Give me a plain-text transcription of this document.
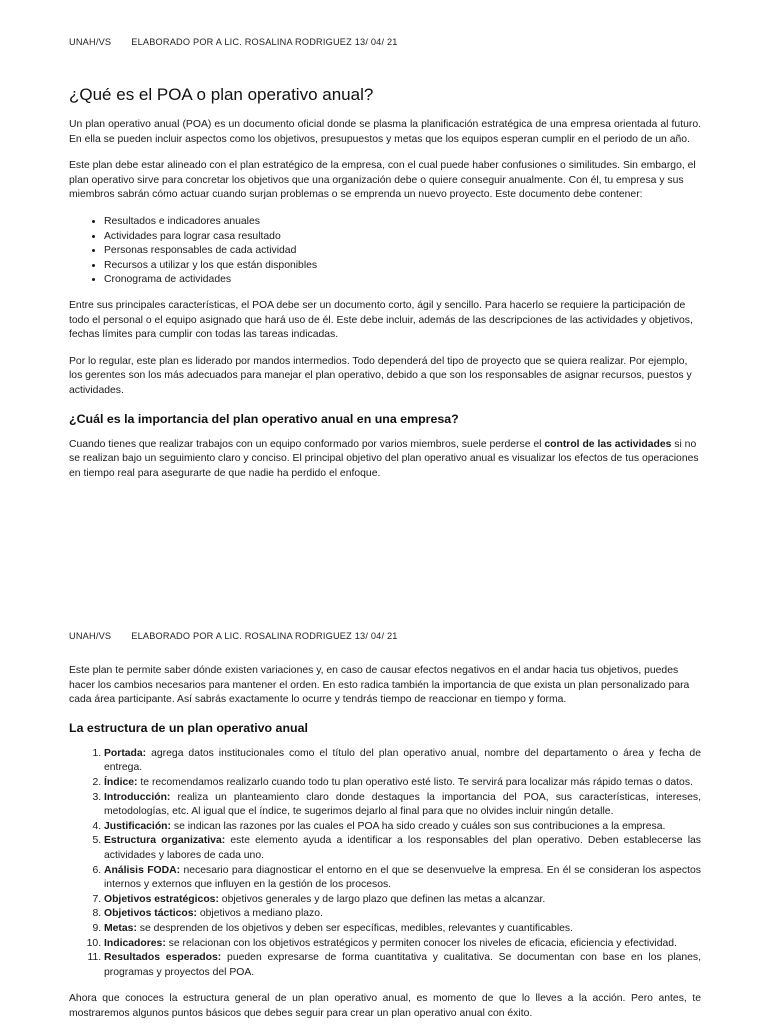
UNAH/VS ELABORADO POR A LIC. ROSALINA RODRIGUEZ 13/ 04/ 21
¿Qué es el POA o plan operativo anual?

Un plan operativo anual (POA) es un documento oficial donde se plasma la planificación estratégica de una empresa orientada al futuro. En ella se pueden incluir aspectos como los objetivos, presupuestos y metas que los equipos esperan cumplir en el periodo de un año.

Este plan debe estar alineado con el plan estratégico de la empresa, con el cual puede haber confusiones o similitudes. Sin embargo, el plan operativo sirve para concretar los objetivos que una organización debe o quiere conseguir anualmente. Con él, tu empresa y sus miembros sabrán cómo actuar cuando surjan problemas o se emprenda un nuevo proyecto. Este documento debe contener:

• Resultados e indicadores anuales
• Actividades para lograr casa resultado
• Personas responsables de cada actividad
• Recursos a utilizar y los que están disponibles
• Cronograma de actividades

Entre sus principales características, el POA debe ser un documento corto, ágil y sencillo. Para hacerlo se requiere la participación de todo el personal o el equipo asignado que hará uso de él. Este debe incluir, además de las descripciones de las actividades y objetivos, fechas límites para cumplir con todas las tareas indicadas.

Por lo regular, este plan es liderado por mandos intermedios. Todo dependerá del tipo de proyecto que se quiera realizar. Por ejemplo, los gerentes son los más adecuados para manejar el plan operativo, debido a que son los responsables de asignar recursos, puestos y actividades.

¿Cuál es la importancia del plan operativo anual en una empresa?

Cuando tienes que realizar trabajos con un equipo conformado por varios miembros, suele perderse el control de las actividades si no se realizan bajo un seguimiento claro y conciso. El principal objetivo del plan operativo anual es visualizar los efectos de tus operaciones en tiempo real para asegurarte de que nadie ha perdido el enfoque.

UNAH/VS ELABORADO POR A LIC. ROSALINA RODRIGUEZ 13/ 04/ 21

Este plan te permite saber dónde existen variaciones y, en caso de causar efectos negativos en el andar hacia tus objetivos, puedes hacer los cambios necesarios para mantener el orden. En esto radica también la importancia de que exista un plan personalizado para cada área participante. Así sabrás exactamente lo ocurre y tendrás tiempo de reaccionar en tiempo y forma.

La estructura de un plan operativo anual
1. Portada: agrega datos institucionales como el título del plan operativo anual, nombre del departamento o área y fecha de entrega.
2. Índice: te recomendamos realizarlo cuando todo tu plan operativo esté listo. Te servirá para localizar más rápido temas o datos.
3. Introducción: realiza un planteamiento claro donde destaques la importancia del POA, sus características, intereses, metodologías, etc. Al igual que el índice, te sugerimos dejarlo al final para que no olvides incluir ningún detalle.
4. Justificación: se indican las razones por las cuales el POA ha sido creado y cuáles son sus contribuciones a la empresa.
5. Estructura organizativa: este elemento ayuda a identificar a los responsables del plan operativo. Deben establecerse las actividades y labores de cada uno.
6. Análisis FODA: necesario para diagnosticar el entorno en el que se desenvuelve la empresa. En él se consideran los aspectos internos y externos que influyen en la gestión de los procesos.
7. Objetivos estratégicos: objetivos generales y de largo plazo que definen las metas a alcanzar.
8. Objetivos tácticos: objetivos a mediano plazo.
9. Metas: se desprenden de los objetivos y deben ser específicas, medibles, relevantes y cuantificables.
10. Indicadores: se relacionan con los objetivos estratégicos y permiten conocer los niveles de eficacia, eficiencia y efectividad.
11. Resultados esperados: pueden expresarse de forma cuantitativa y cualitativa. Se documentan con base en los planes, programas y proyectos del POA.

Ahora que conoces la estructura general de un plan operativo anual, es momento de que lo lleves a la acción. Pero antes, te mostraremos algunos puntos básicos que debes seguir para crear un plan operativo anual con éxito.
